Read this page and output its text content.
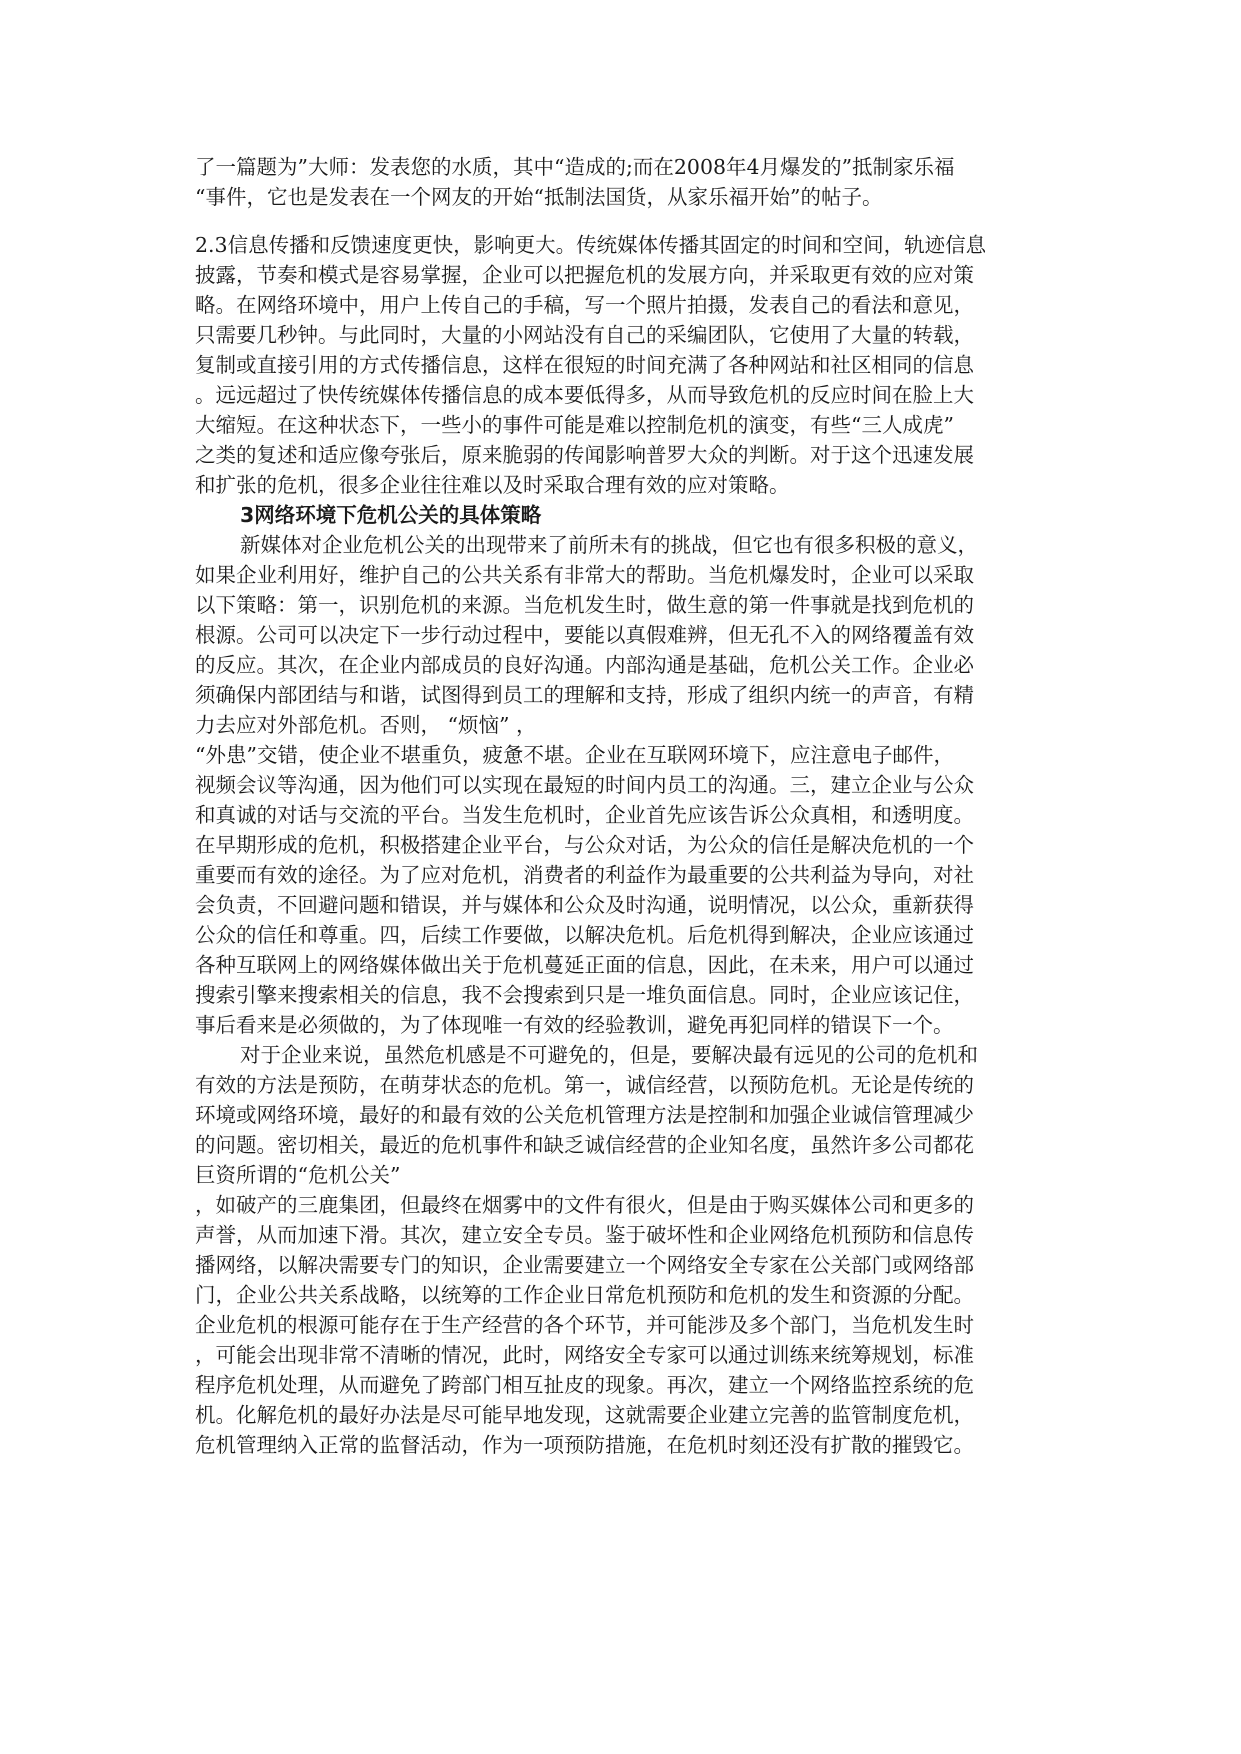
了一篇题为”大师：发表您的水质，其中“造成的;而在2008年4月爆发的”抵制家乐福
“事件，它也是发表在一个网友的开始“抵制法国货，从家乐福开始”的帖子。
2.3信息传播和反馈速度更快，影响更大。传统媒体传播其固定的时间和空间，轨迹信息
披露，节奏和模式是容易掌握，企业可以把握危机的发展方向，并采取更有效的应对策
略。在网络环境中，用户上传自己的手稿，写一个照片拍摄，发表自己的看法和意见，
只需要几秒钟。与此同时，大量的小网站没有自己的采编团队，它使用了大量的转载，
复制或直接引用的方式传播信息，这样在很短的时间充满了各种网站和社区相同的信息
。远远超过了快传统媒体传播信息的成本要低得多，从而导致危机的反应时间在脸上大
大缩短。在这种状态下，一些小的事件可能是难以控制危机的演变，有些“三人成虎”
之类的复述和适应像夸张后，原来脆弱的传闻影响普罗大众的判断。对于这个迅速发展
和扩张的危机，很多企业往往难以及时采取合理有效的应对策略。
3网络环境下危机公关的具体策略
新媒体对企业危机公关的出现带来了前所未有的挑战，但它也有很多积极的意义，
如果企业利用好，维护自己的公共关系有非常大的帮助。当危机爆发时，企业可以采取
以下策略：第一，识别危机的来源。当危机发生时，做生意的第一件事就是找到危机的
根源。公司可以决定下一步行动过程中，要能以真假难辨，但无孔不入的网络覆盖有效
的反应。其次，在企业内部成员的良好沟通。内部沟通是基础，危机公关工作。企业必
须确保内部团结与和谐，试图得到员工的理解和支持，形成了组织内统一的声音，有精
力去应对外部危机。否则， “烦恼” ，
“外患”交错，使企业不堪重负，疲惫不堪。企业在互联网环境下，应注意电子邮件，
视频会议等沟通，因为他们可以实现在最短的时间内员工的沟通。三，建立企业与公众
和真诚的对话与交流的平台。当发生危机时，企业首先应该告诉公众真相，和透明度。
在早期形成的危机，积极搭建企业平台，与公众对话，为公众的信任是解决危机的一个
重要而有效的途径。为了应对危机，消费者的利益作为最重要的公共利益为导向，对社
会负责，不回避问题和错误，并与媒体和公众及时沟通，说明情况，以公众，重新获得
公众的信任和尊重。四，后续工作要做，以解决危机。后危机得到解决，企业应该通过
各种互联网上的网络媒体做出关于危机蔓延正面的信息，因此，在未来，用户可以通过
搜索引擎来搜索相关的信息，我不会搜索到只是一堆负面信息。同时，企业应该记住，
事后看来是必须做的，为了体现唯一有效的经验教训，避免再犯同样的错误下一个。
对于企业来说，虽然危机感是不可避免的，但是，要解决最有远见的公司的危机和
有效的方法是预防，在萌芽状态的危机。第一，诚信经营，以预防危机。无论是传统的
环境或网络环境，最好的和最有效的公关危机管理方法是控制和加强企业诚信管理减少
的问题。密切相关，最近的危机事件和缺乏诚信经营的企业知名度，虽然许多公司都花
巨资所谓的“危机公关”
，如破产的三鹿集团，但最终在烟雾中的文件有很火，但是由于购买媒体公司和更多的
声誉，从而加速下滑。其次，建立安全专员。鉴于破坏性和企业网络危机预防和信息传
播网络，以解决需要专门的知识，企业需要建立一个网络安全专家在公关部门或网络部
门，企业公共关系战略，以统筹的工作企业日常危机预防和危机的发生和资源的分配。
企业危机的根源可能存在于生产经营的各个环节，并可能涉及多个部门，当危机发生时
，可能会出现非常不清晰的情况，此时，网络安全专家可以通过训练来统筹规划，标准
程序危机处理，从而避免了跨部门相互扯皮的现象。再次，建立一个网络监控系统的危
机。化解危机的最好办法是尽可能早地发现，这就需要企业建立完善的监管制度危机，
危机管理纳入正常的监督活动，作为一项预防措施，在危机时刻还没有扩散的摧毁它。
